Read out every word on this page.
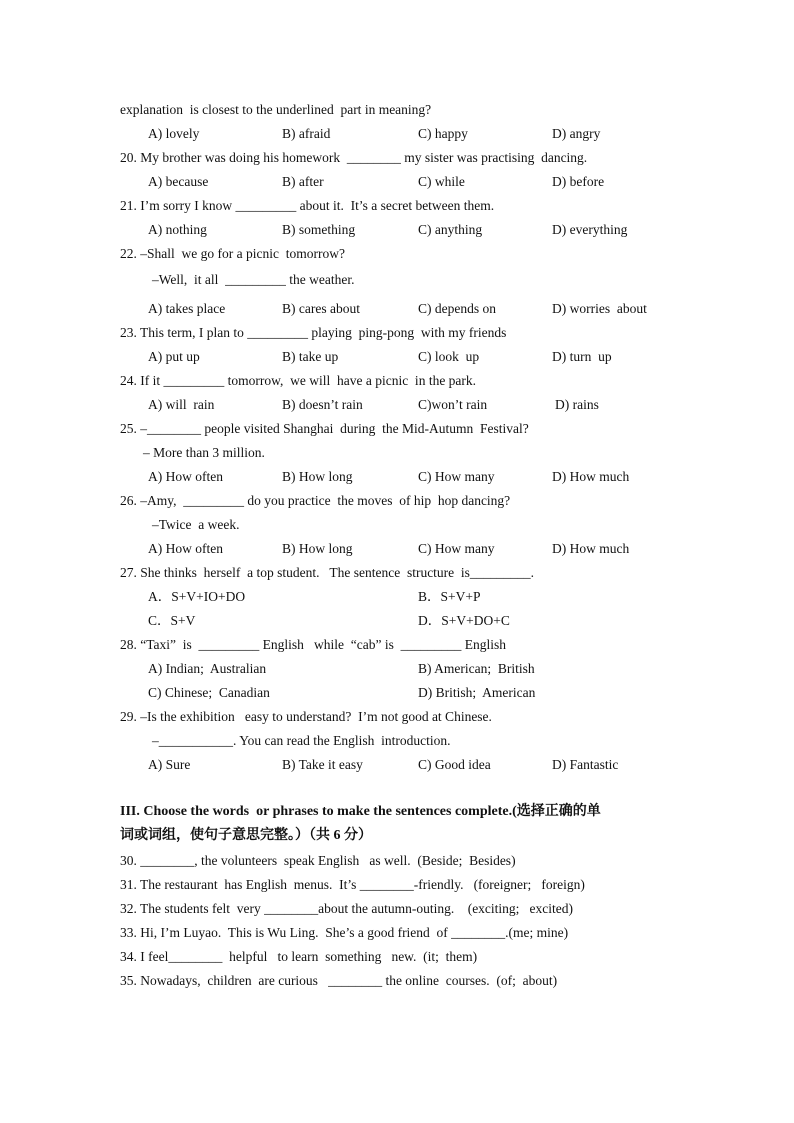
explanation  is closest to the underlined  part in meaning?
A) lovely	B) afraid	C) happy	D) angry
20. My brother was doing his homework  ________ my sister was practising  dancing.
A) because	B) after	C) while	D) before
21. I’m sorry I know _________ about it.  It’s a secret between them.
A) nothing	B) something	C) anything	D) everything
22. –Shall  we go for a picnic  tomorrow?
–Well,  it all  _________ the weather.
A) takes place	B) cares about	C) depends on	D) worries  about
23. This term, I plan to _________ playing  ping-pong  with my friends
A) put up	B) take up	C) look  up	D) turn  up
24. If it _________ tomorrow,  we will  have a picnic  in the park.
A) will  rain	B) doesn’t rain	C)won’t rain	D) rains
25. –________ people visited Shanghai  during  the Mid-Autumn  Festival?
– More than 3 million.
A) How often	B) How long	C) How many	D) How much
26. –Amy,  _________ do you practice  the moves  of hip  hop dancing?
–Twice  a week.
A) How often	B) How long	C) How many	D) How much
27. She thinks  herself  a top student.   The sentence  structure  is_________.
A．S+V+IO+DO	B．S+V+P
C．S+V	D．S+V+DO+C
28. “Taxi”  is  _________ English   while  “cab” is  _________ English
A) Indian;  Australian	B) American;  British
C) Chinese;  Canadian	D) British;  American
29. –Is the exhibition   easy to understand?  I’m not good at Chinese.
–___________. You can read the English  introduction.
A) Sure	B) Take it easy	C) Good idea	D) Fantastic
III. Choose the words  or phrases to make the sentences complete.(选择正确的单
词或词组，使句子意思完整。）（共 6 分）
30. ________, the volunteers  speak English   as well.  (Beside;  Besides)
31. The restaurant  has English  menus.  It’s ________-friendly.   (foreigner;   foreign)
32. The students felt  very ________about the autumn-outing.    (exciting;   excited)
33. Hi, I’m Luyao.  This is Wu Ling.  She’s a good friend  of ________.(me; mine)
34. I feel________  helpful   to learn  something   new.  (it;  them)
35. Nowadays,  children  are curious   ________ the online  courses.  (of;  about)
